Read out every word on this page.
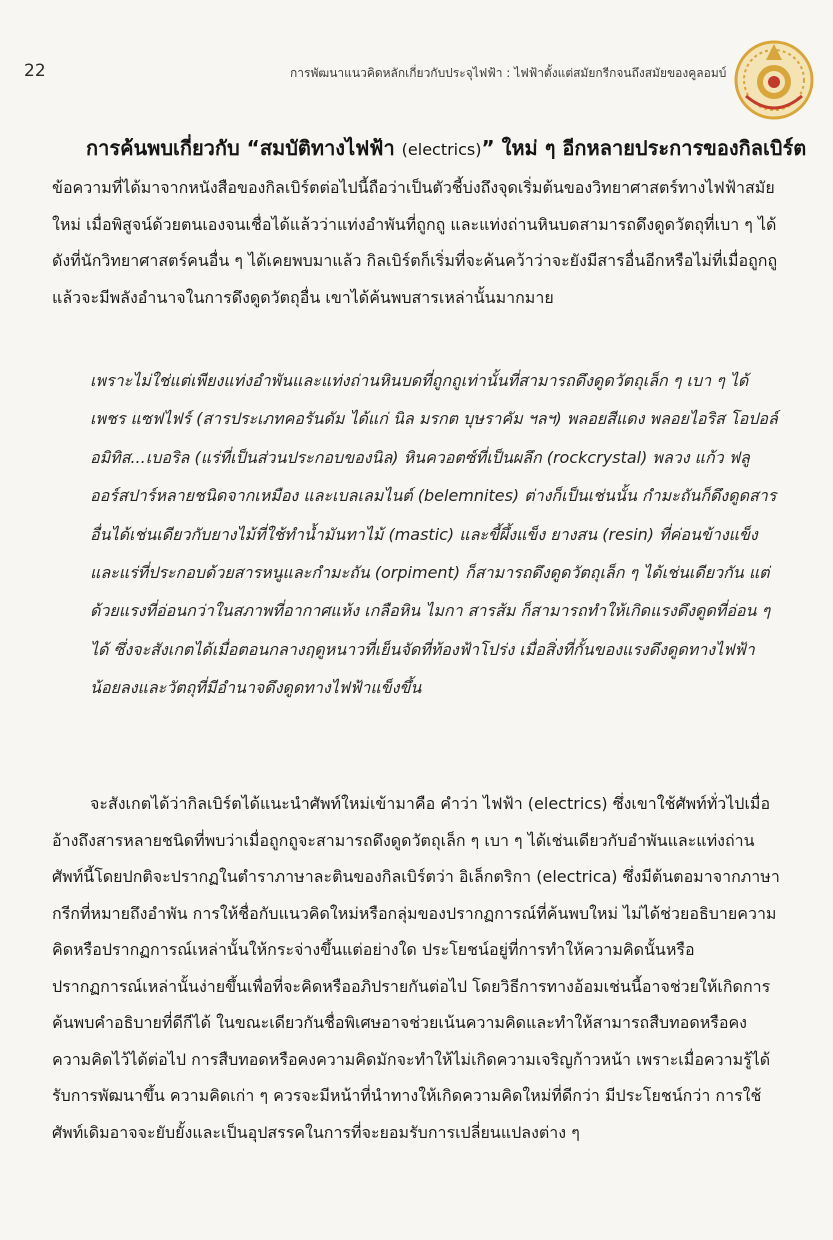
22	การพัฒนาแนวคิดหลักเกี่ยวกับประจุไฟฟ้า : ไฟฟ้าตั้งแต่สมัยกรีกจนถึงสมัยของคูลอมบ์
การค้นพบเกี่ยวกับ “สมบัติทางไฟฟ้า (electrics)” ใหม่ ๆ อีกหลายประการของกิลเบิร์ต

ข้อความที่ได้มาจากหนังสือของกิลเบิร์ตต่อไปนี้ถือว่าเป็นตัวชี้บ่งถึงจุดเริ่มต้นของวิทยาศาสตร์ทางไฟฟ้าสมัยใหม่ เมื่อพิสูจน์ด้วยตนเองจนเชื่อได้แล้วว่าแท่งอำพันที่ถูกถู และแท่งถ่านหินบดสามารถดึงดูดวัตถุที่เบา ๆ ได้ ดังที่นักวิทยาศาสตร์คนอื่น ๆ ได้เคยพบมาแล้ว กิลเบิร์ตก็เริ่มที่จะค้นคว้าว่าจะยังมีสารอื่นอีกหรือไม่ที่เมื่อถูกถูแล้วจะมีพลังอำนาจในการดึงดูดวัตถุอื่น เขาได้ค้นพบสารเหล่านั้นมากมาย

เพราะไม่ใช่แต่เพียงแท่งอำพันและแท่งถ่านหินบดที่ถูกถูเท่านั้นที่สามารถดึงดูดวัตถุเล็ก ๆ เบา ๆ ได้ เพชร แซฟไฟร์ (สารประเภทคอรันดัม ได้แก่ นิล มรกต บุษราคัม ฯลฯ) พลอยสีแดง พลอยไอริส โอปอล์ อมิทิส...เบอริล (แร่ที่เป็นส่วนประกอบของนิล) หินควอตซ์ที่เป็นผลึก (rockcrystal) พลวง แก้ว ฟลูออร์สปาร์หลายชนิดจากเหมือง และเบลเลมไนต์ (belemnites) ต่างก็เป็นเช่นนั้น กำมะถันก็ดึงดูดสารอื่นได้เช่นเดียวกับยางไม้ที่ใช้ทำน้ำมันทาไม้ (mastic) และขี้ผึ้งแข็ง ยางสน (resin) ที่ค่อนข้างแข็งและแร่ที่ประกอบด้วยสารหนูและกำมะถัน (orpiment) ก็สามารถดึงดูดวัตถุเล็ก ๆ ได้เช่นเดียวกัน แต่ด้วยแรงที่อ่อนกว่าในสภาพที่อากาศแห้ง เกลือหิน ไมกา สารส้ม ก็สามารถทำให้เกิดแรงดึงดูดที่อ่อน ๆ ได้ ซึ่งจะสังเกตได้เมื่อตอนกลางฤดูหนาวที่เย็นจัดที่ท้องฟ้าโปร่ง เมื่อสิ่งที่กั้นของแรงดึงดูดทางไฟฟ้าน้อยลงและวัตถุที่มีอำนาจดึงดูดทางไฟฟ้าแข็งขึ้น

จะสังเกตได้ว่ากิลเบิร์ตได้แนะนำศัพท์ใหม่เข้ามาคือ คำว่า ไฟฟ้า (electrics) ซึ่งเขาใช้ศัพท์ทั่วไปเมื่ออ้างถึงสารหลายชนิดที่พบว่าเมื่อถูกถูจะสามารถดึงดูดวัตถุเล็ก ๆ เบา ๆ ได้เช่นเดียวกับอำพันและแท่งถ่าน ศัพท์นี้โดยปกติจะปรากฏในตำราภาษาละตินของกิลเบิร์ตว่า อิเล็กตริกา (electrica) ซึ่งมีต้นตอมาจากภาษากรีกที่หมายถึงอำพัน การให้ชื่อกับแนวคิดใหม่หรือกลุ่มของปรากฏการณ์ที่ค้นพบใหม่ ไม่ได้ช่วยอธิบายความคิดหรือปรากฏการณ์เหล่านั้นให้กระจ่างขึ้นแต่อย่างใด ประโยชน์อยู่ที่การทำให้ความคิดนั้นหรือปรากฏการณ์เหล่านั้นง่ายขึ้นเพื่อที่จะคิดหรืออภิปรายกันต่อไป โดยวิธีการทางอ้อมเช่นนี้อาจช่วยให้เกิดการค้นพบคำอธิบายที่ดีกีได้ ในขณะเดียวกันชื่อพิเศษอาจช่วยเน้นความคิดและทำให้สามารถสืบทอดหรือคงความคิดไว้ได้ต่อไป การสืบทอดหรือคงความคิดมักจะทำให้ไม่เกิดความเจริญก้าวหน้า เพราะเมื่อความรู้ได้รับการพัฒนาขึ้น ความคิดเก่า ๆ ควรจะมีหน้าที่นำทางให้เกิดความคิดใหม่ที่ดีกว่า มีประโยชน์กว่า การใช้ศัพท์เดิมอาจจะยับยั้งและเป็นอุปสรรคในการที่จะยอมรับการเปลี่ยนแปลงต่าง ๆ
